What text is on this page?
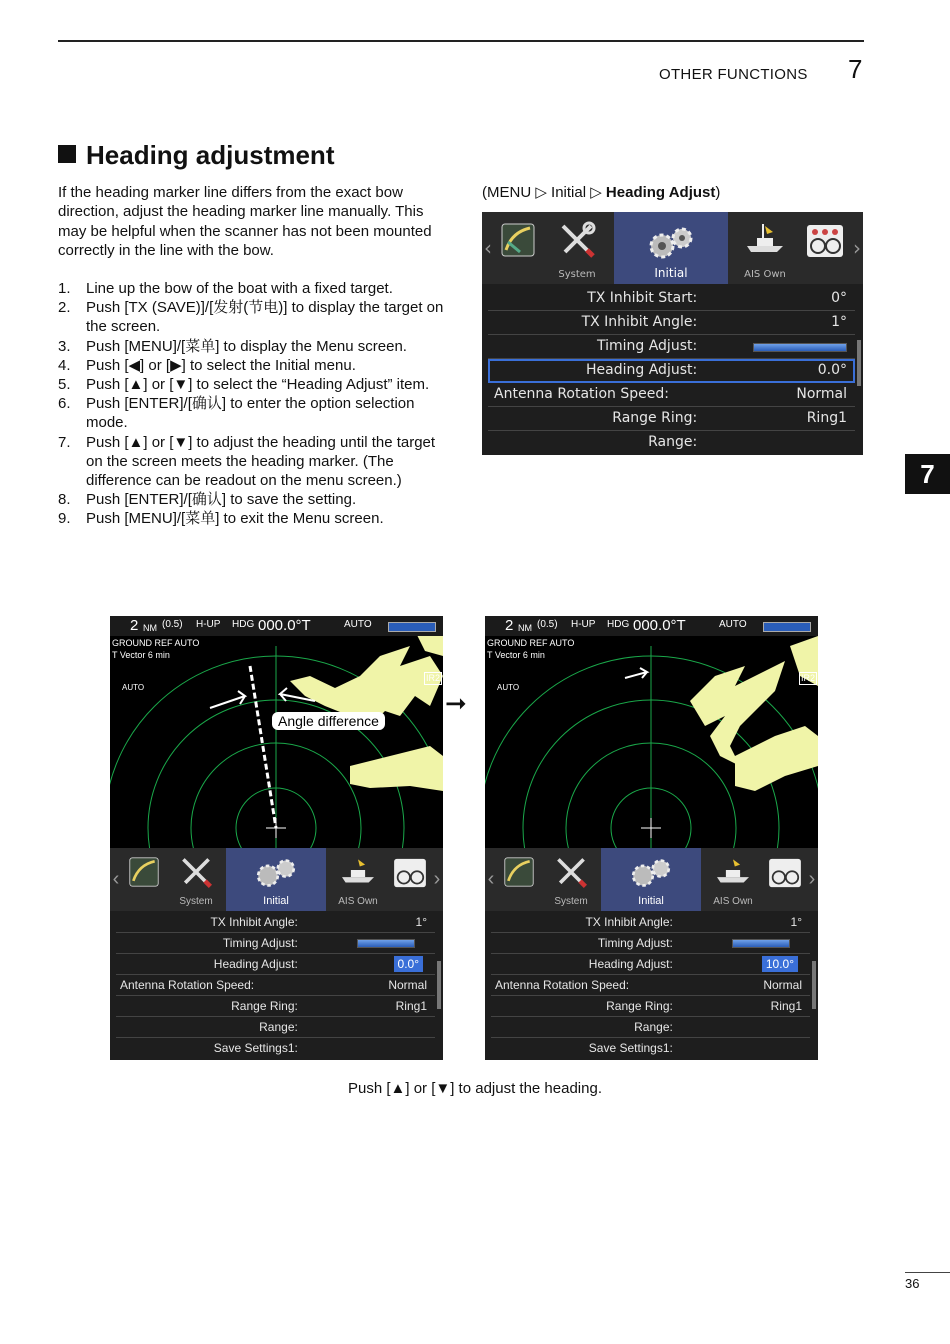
OTHER FUNCTIONS 7
Heading adjustment
If the heading marker line differs from the exact bow direction, adjust the heading marker line manually. This may be helpful when the scanner has not been mounted correctly in the line with the bow.
1. Line up the bow of the boat with a fixed target.
2. Push [TX (SAVE)]/[发射(节电)] to display the target on the screen.
3. Push [MENU]/[菜单] to display the Menu screen.
4. Push [◀] or [▶] to select the Initial menu.
5. Push [▲] or [▼] to select the “Heading Adjust” item.
6. Push [ENTER]/[确认] to enter the option selection mode.
7. Push [▲] or [▼] to adjust the heading until the target on the screen meets the heading marker. (The difference can be readout on the menu screen.)
8. Push [ENTER]/[确认] to save the setting.
9. Push [MENU]/[菜单] to exit the Menu screen.
(MENU ▷ Initial ▷ Heading Adjust)
‹
System	Initial	AIS Own
›
TX Inhibit Start:	0°
TX Inhibit Angle:	1°
Timing Adjust:
Heading Adjust:	0.0°
Antenna Rotation Speed:	Normal
Range Ring:	Ring1
Range:
7
2 NM (0.5) H-UP HDG 000.0°T	AUTO
GROUND REF AUTO
T Vector 6 min
AUTO
IR2
Angle difference
‹
System	Initial	AIS Own
›
TX Inhibit Angle:	1°
Timing Adjust:
Heading Adjust:	0.0°
Antenna Rotation Speed:	Normal
Range Ring:	Ring1
Range:
Save Settings1:
➞
2 NM (0.5) H-UP HDG 000.0°T	AUTO
GROUND REF AUTO
T Vector 6 min
AUTO
IR2
‹
System	Initial	AIS Own
›
TX Inhibit Angle:	1°
Timing Adjust:
Heading Adjust:	10.0°
Antenna Rotation Speed:	Normal
Range Ring:	Ring1
Range:
Save Settings1:
Push [▲] or [▼] to adjust the heading.
36
